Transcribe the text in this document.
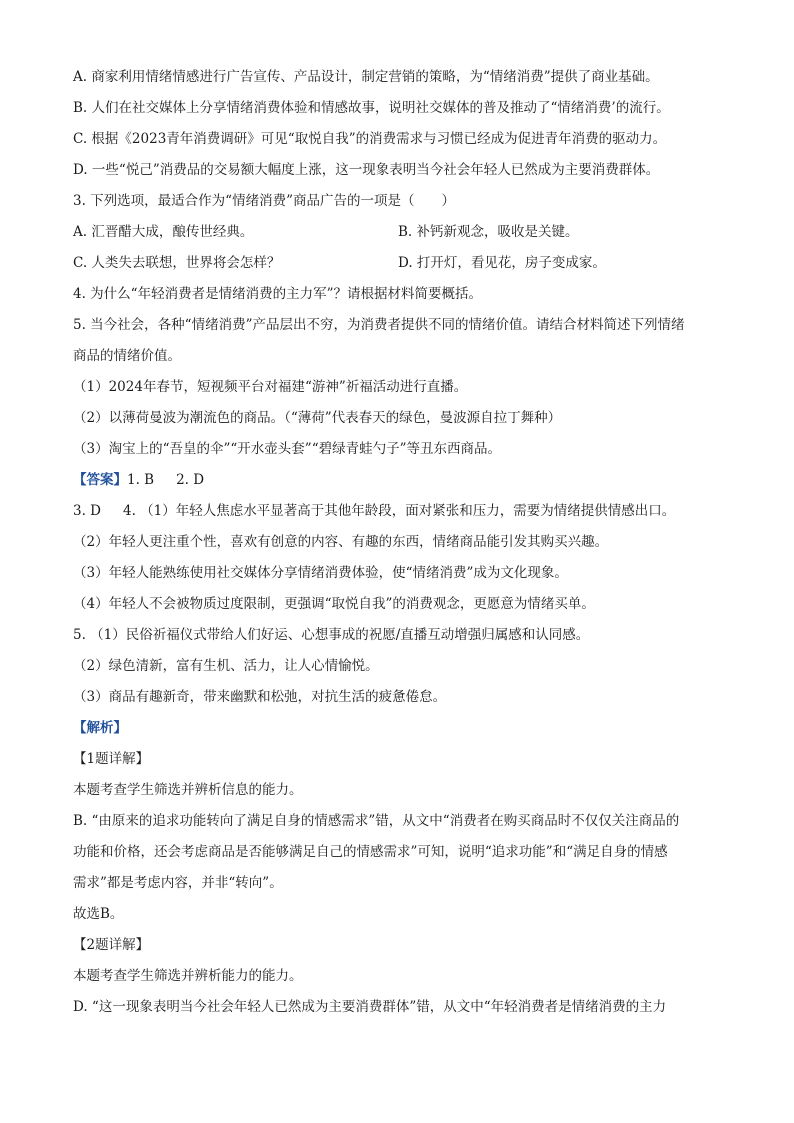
A. 商家利用情绪情感进行广告宣传、产品设计，制定营销的策略，为“情绪消费”提供了商业基础。
B. 人们在社交媒体上分享情绪消费体验和情感故事，说明社交媒体的普及推动了“情绪消费’的流行。
C. 根据《2023青年消费调研》可见“取悦自我”的消费需求与习惯已经成为促进青年消费的驱动力。
D. 一些“悦己”消费品的交易额大幅度上涨，这一现象表明当今社会年轻人已然成为主要消费群体。
3. 下列选项，最适合作为“情绪消费”商品广告的一项是（　　）
A. 汇晋醋大成，酿传世经典。	B. 补钙新观念，吸收是关键。
C. 人类失去联想，世界将会怎样？	D. 打开灯，看见花，房子变成家。
4. 为什么“年轻消费者是情绪消费的主力军”？请根据材料简要概括。
5. 当今社会，各种“情绪消费”产品层出不穷，为消费者提供不同的情绪价值。请结合材料简述下列情绪
商品的情绪价值。
（1）2024年春节，短视频平台对福建“游神”祈福活动进行直播。
（2）以薄荷曼波为潮流色的商品。（“薄荷”代表春天的绿色，曼波源自拉丁舞种）
（3）淘宝上的“吾皇的伞”“开水壶头套”“碧绿青蛙勺子”等丑东西商品。
【答案】1. B 2. D
3. D 4. （1）年轻人焦虑水平显著高于其他年龄段，面对紧张和压力，需要为情绪提供情感出口。
（2）年轻人更注重个性，喜欢有创意的内容、有趣的东西，情绪商品能引发其购买兴趣。
（3）年轻人能熟练使用社交媒体分享情绪消费体验，使“情绪消费”成为文化现象。
（4）年轻人不会被物质过度限制，更强调“取悦自我”的消费观念，更愿意为情绪买单。
5. （1）民俗祈福仪式带给人们好运、心想事成的祝愿/直播互动增强归属感和认同感。
（2）绿色清新，富有生机、活力，让人心情愉悦。
（3）商品有趣新奇，带来幽默和松弛，对抗生活的疲惫倦怠。
【解析】
【1题详解】
本题考查学生筛选并辨析信息的能力。
B. “由原来的追求功能转向了满足自身的情感需求”错，从文中“消费者在购买商品时不仅仅关注商品的
功能和价格，还会考虑商品是否能够满足自己的情感需求”可知，说明“追求功能”和“满足自身的情感
需求”都是考虑内容，并非“转向”。
故选B。
【2题详解】
本题考查学生筛选并辨析能力的能力。
D. “这一现象表明当今社会年轻人已然成为主要消费群体”错，从文中“年轻消费者是情绪消费的主力
